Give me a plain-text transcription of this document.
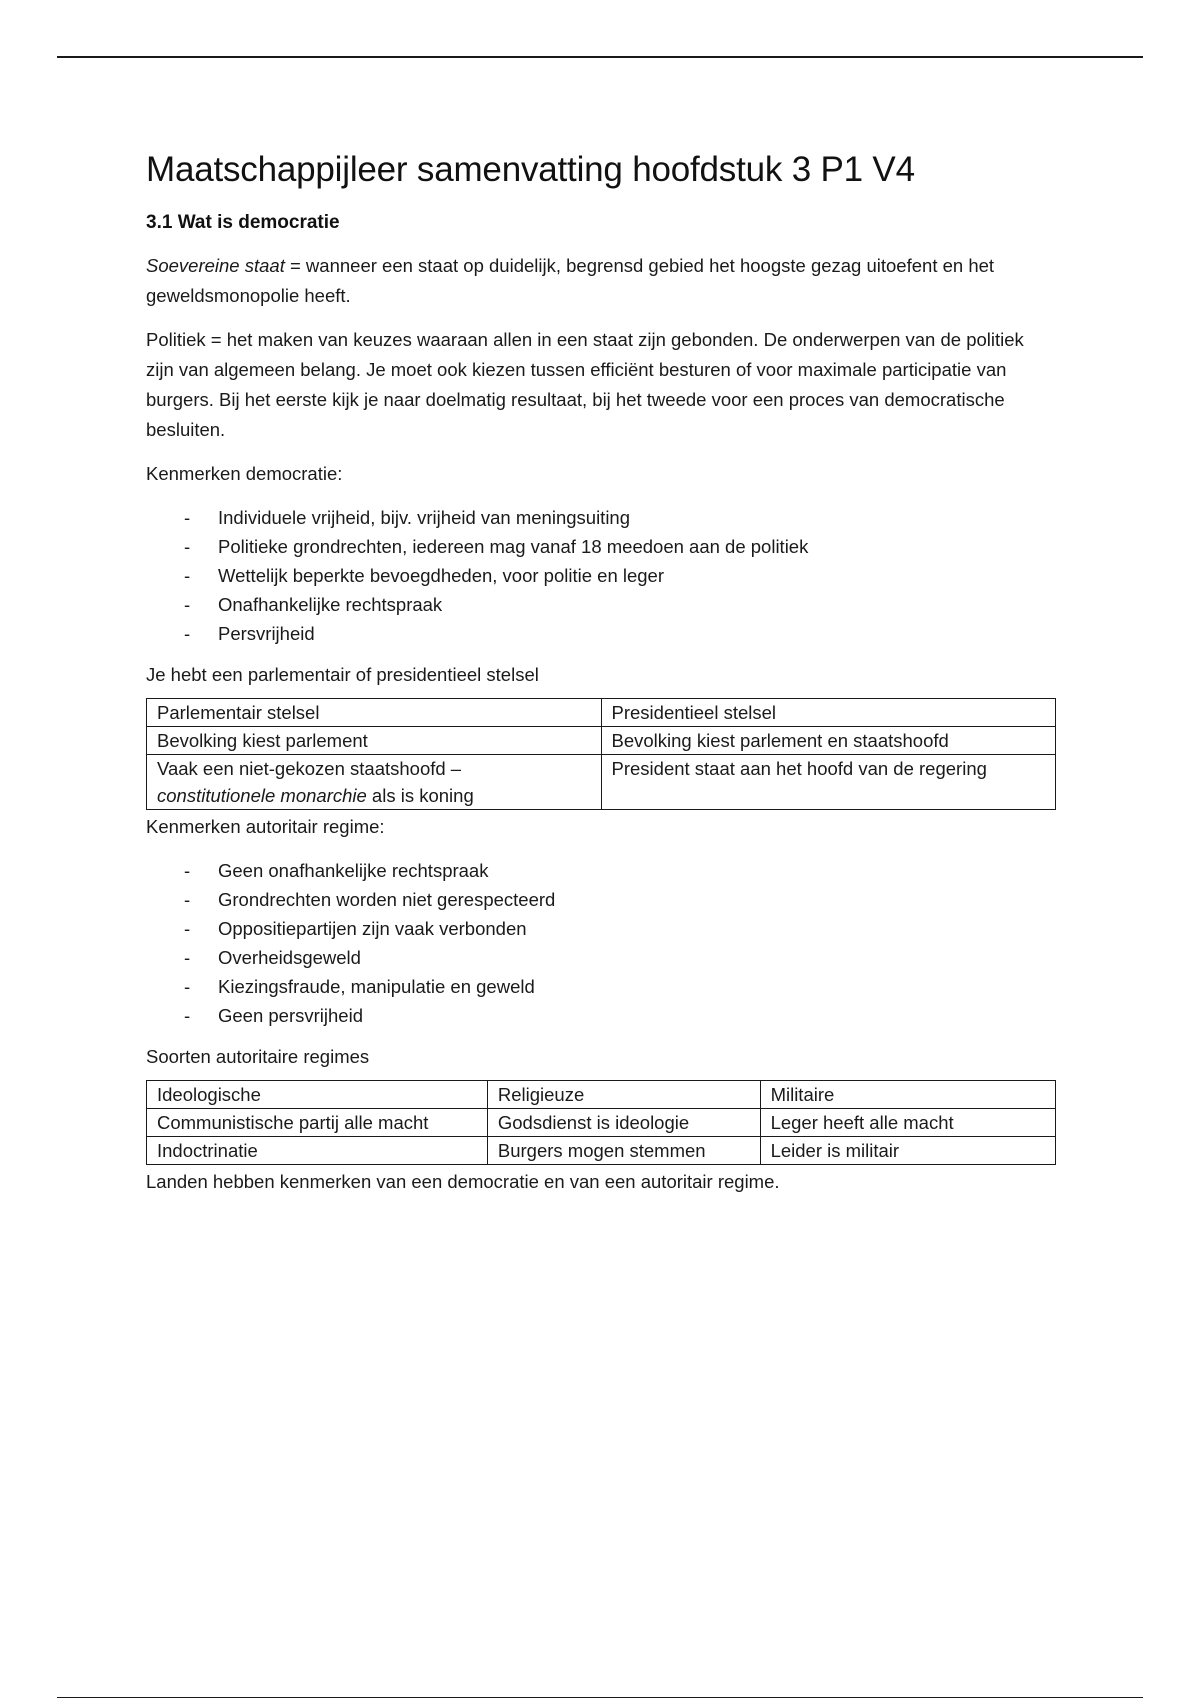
Maatschappijleer samenvatting hoofdstuk 3 P1 V4
3.1 Wat is democratie

Soevereine staat = wanneer een staat op duidelijk, begrensd gebied het hoogste gezag uitoefent en het geweldsmonopolie heeft.

Politiek = het maken van keuzes waaraan allen in een staat zijn gebonden. De onderwerpen van de politiek zijn van algemeen belang. Je moet ook kiezen tussen efficiënt besturen of voor maximale participatie van burgers. Bij het eerste kijk je naar doelmatig resultaat, bij het tweede voor een proces van democratische besluiten.

Kenmerken democratie:

- Individuele vrijheid, bijv. vrijheid van meningsuiting
- Politieke grondrechten, iedereen mag vanaf 18 meedoen aan de politiek
- Wettelijk beperkte bevoegdheden, voor politie en leger
- Onafhankelijke rechtspraak
- Persvrijheid

Je hebt een parlementair of presidentieel stelsel

Parlementair stelsel	Presidentieel stelsel
Bevolking kiest parlement	Bevolking kiest parlement en staatshoofd
Vaak een niet-gekozen staatshoofd –
constitutionele monarchie als is koning	President staat aan het hoofd van de regering

Kenmerken autoritair regime:

- Geen onafhankelijke rechtspraak
- Grondrechten worden niet gerespecteerd
- Oppositiepartijen zijn vaak verbonden
- Overheidsgeweld
- Kiezingsfraude, manipulatie en geweld
- Geen persvrijheid

Soorten autoritaire regimes

Ideologische	Religieuze	Militaire
Communistische partij alle macht	Godsdienst is ideologie	Leger heeft alle macht
Indoctrinatie	Burgers mogen stemmen	Leider is militair

Landen hebben kenmerken van een democratie en van een autoritair regime.
